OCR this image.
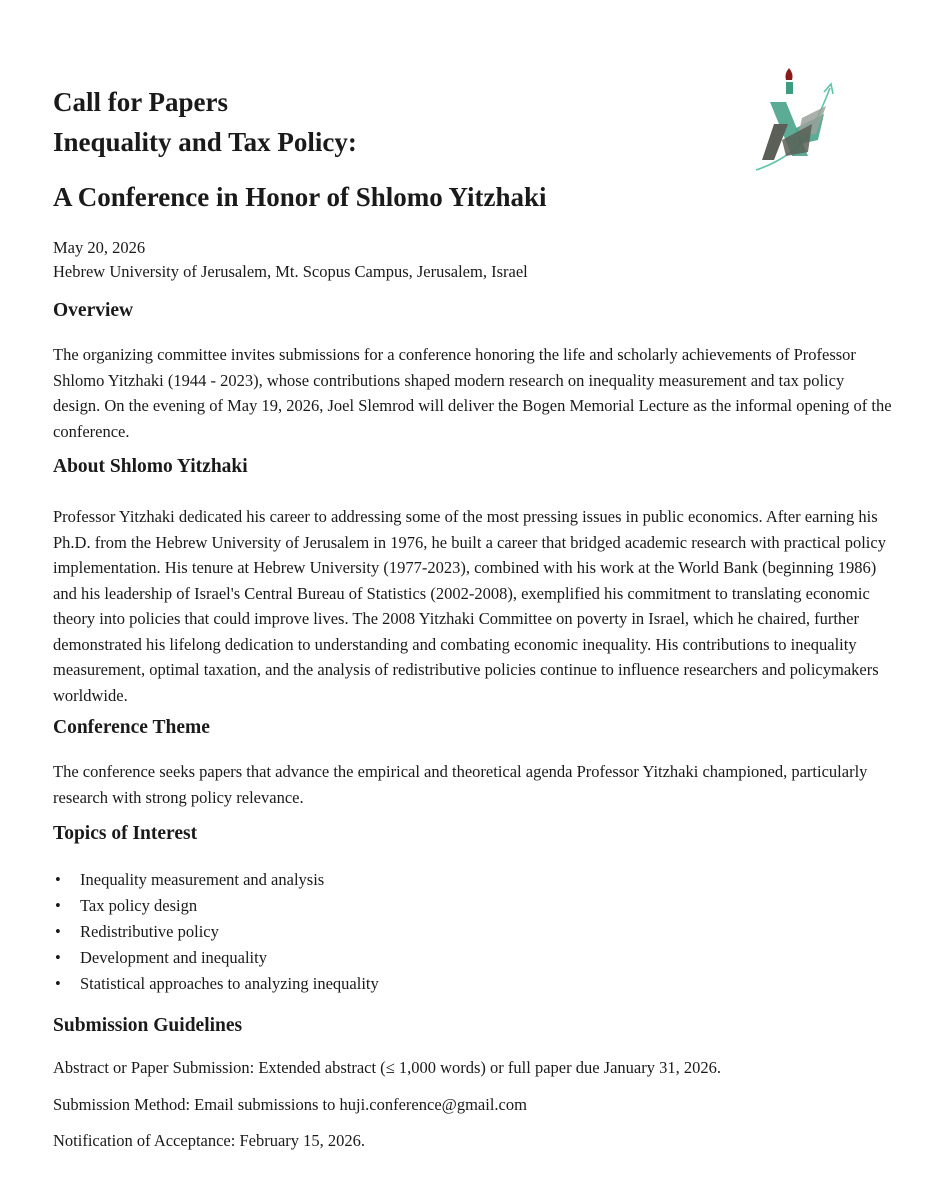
Call for Papers
Inequality and Tax Policy:
A Conference in Honor of Shlomo Yitzhaki
May 20, 2026
Hebrew University of Jerusalem, Mt. Scopus Campus, Jerusalem, Israel
Overview

The organizing committee invites submissions for a conference honoring the life and scholarly achievements of Professor Shlomo Yitzhaki (1944 - 2023), whose contributions shaped modern research on inequality measurement and tax policy design. On the evening of May 19, 2026, Joel Slemrod will deliver the Bogen Memorial Lecture as the informal opening of the conference.

About Shlomo Yitzhaki

Professor Yitzhaki dedicated his career to addressing some of the most pressing issues in public economics. After earning his Ph.D. from the Hebrew University of Jerusalem in 1976, he built a career that bridged academic research with practical policy implementation. His tenure at Hebrew University (1977-2023), combined with his work at the World Bank (beginning 1986) and his leadership of Israel's Central Bureau of Statistics (2002-2008), exemplified his commitment to translating economic theory into policies that could improve lives. The 2008 Yitzhaki Committee on poverty in Israel, which he chaired, further demonstrated his lifelong dedication to understanding and combating economic inequality. His contributions to inequality measurement, optimal taxation, and the analysis of redistributive policies continue to influence researchers and policymakers worldwide.

Conference Theme

The conference seeks papers that advance the empirical and theoretical agenda Professor Yitzhaki championed, particularly research with strong policy relevance.

Topics of Interest
• Inequality measurement and analysis
• Tax policy design
• Redistributive policy
• Development and inequality
• Statistical approaches to analyzing inequality
Submission Guidelines

Abstract or Paper Submission: Extended abstract (≤ 1,000 words) or full paper due January 31, 2026.

Submission Method: Email submissions to huji.conference@gmail.com

Notification of Acceptance: February 15, 2026.
